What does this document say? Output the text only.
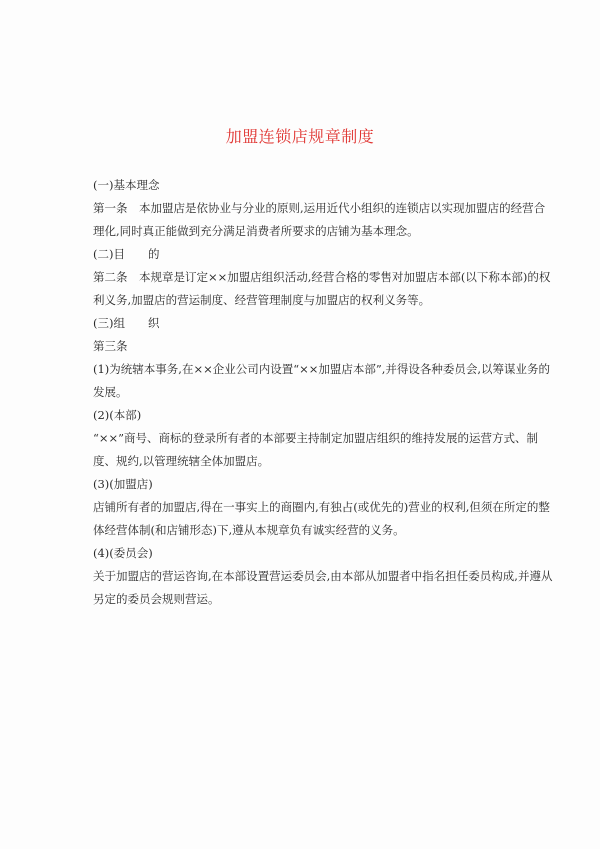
加盟连锁店规章制度

(一)基本理念

第一条　本加盟店是依协业与分业的原则,运用近代小组织的连锁店以实现加盟店的经营合理化,同时真正能做到充分满足消费者所要求的店铺为基本理念。

(二)目　　的

第二条　本规章是订定××加盟店组织活动,经营合格的零售对加盟店本部(以下称本部)的权利义务,加盟店的营运制度、经营管理制度与加盟店的权利义务等。

(三)组　　织

第三条

(1)为统辖本事务,在××企业公司内设置“××加盟店本部”,并得设各种委员会,以筹谋业务的发展。

(2)(本部)

“××”商号、商标的登录所有者的本部要主持制定加盟店组织的维持发展的运营方式、制度、规约,以管理统辖全体加盟店。

(3)(加盟店)

店铺所有者的加盟店,得在一事实上的商圈内,有独占(或优先的)营业的权利,但须在所定的整体经营体制(和店铺形态)下,遵从本规章负有诚实经营的义务。

(4)(委员会)

关于加盟店的营运咨询,在本部设置营运委员会,由本部从加盟者中指名担任委员构成,并遵从另定的委员会规则营运。
